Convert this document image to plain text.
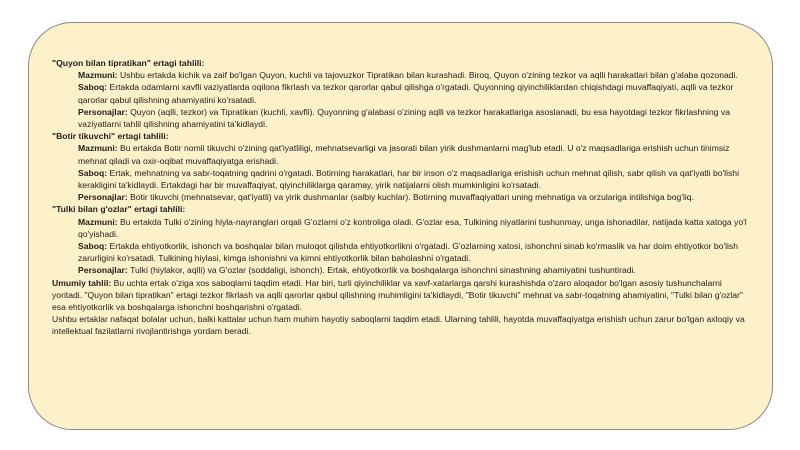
"Quyon bilan tipratikan" ertagi tahlili:

Mazmuni: Ushbu ertakda kichik va zaif bo'lgan Quyon, kuchli va tajovuzkor Tipratikan bilan kurashadi. Biroq, Quyon o'zining tezkor va aqlli harakatlari bilan g'alaba qozonadi.

Saboq: Ertakda odamlarni xavfli vaziyatlarda oqilona fikrlash va tezkor qarorlar qabul qilishga o'rgatadi. Quyonning qiyinchiliklardan chiqishdagi muvaffaqiyati, aqlli va tezkor qarorlar qabul qilishning ahamiyatini ko'rsatadi.

Personajlar: Quyon (aqlli, tezkor) va Tipratikan (kuchli, xavfli). Quyonning g'alabasi o'zining aqlli va tezkor harakatlariga asoslanadi, bu esa hayotdagi tezkor fikrlashning va vaziyatlarni tahlil qilishning ahamiyatini ta'kidlaydi.

"Botir tikuvchi" ertagi tahlili:

Mazmuni: Bu ertakda Botir nomli tikuvchi o'zining qat'iyatliligi, mehnatsevarligi va jasorati bilan yirik dushmanlarni mag'lub etadi. U o'z maqsadlariga erishish uchun tinimsiz mehnat qiladi va oxir-oqibat muvaffaqiyatga erishadi.

Saboq: Ertak, mehnatning va sabr-toqatning qadrini o'rgatadi. Botirning harakatlari, har bir inson o'z maqsadlariga erishish uchun mehnat qilish, sabr qilish va qat'iyatli bo'lishi kerakligini ta'kidlaydi. Ertakdagi har bir muvaffaqiyat, qiyinchiliklarga qaramay, yirik natijalarni olish mumkinligini ko'rsatadi.

Personajlar: Botir tikuvchi (mehnatsevar, qat'iyatli) va yirik dushmanlar (salbiy kuchlar). Botirning muvaffaqiyatlari uning mehnatiga va orzulariga intilishiga bog'liq.

"Tulki bilan g'ozlar" ertagi tahlili:

Mazmuni: Bu ertakda Tulki o'zining hiyla-nayranglari orqali G'ozlarni o'z kontroliga oladi. G'ozlar esa, Tulkining niyatlarini tushunmay, unga ishonadilar, natijada katta xatoga yo'l qo'yishadi.

Saboq: Ertakda ehtiyotkorlik, ishonch va boshqalar bilan muloqot qilishda ehtiyotkorlikni o'rgatadi. G'ozlarning xatosi, ishonchni sinab ko'rmaslik va har doim ehtiyotkor bo'lish zarurligini ko'rsatadi. Tulkining hiylasi, kimga ishonishni va kimni ehtiyotkorlik bilan baholashni o'rgatadi.

Personajlar: Tulki (hiylakor, aqlli) va G'ozlar (soddaligi, ishonch). Ertak, ehtiyotkorlik va boshqalarga ishonchni sinashning ahamiyatini tushuntiradi.

Umumiy tahlil: Bu uchta ertak o'ziga xos saboqlarni taqdim etadi. Har biri, turli qiyinchiliklar va xavf-xatarlarga qarshi kurashishda o'zaro aloqador bo'lgan asosiy tushunchalarni yoritadi. "Quyon bilan tipratikan" ertagi tezkor fikrlash va aqlli qarorlar qabul qilishning muhimligini ta'kidlaydi, "Botir tikuvchi" mehnat va sabr-toqatning ahamiyatini, "Tulki bilan g'ozlar" esa ehtiyotkorlik va boshqalarga ishonchni boshqarishni o'rgatadi.

Ushbu ertaklar nafaqat bolalar uchun, balki kattalar uchun ham muhim hayotiy saboqlarni taqdim etadi. Ularning tahlili, hayotda muvaffaqiyatga erishish uchun zarur bo'lgan axloqiy va intellektual fazilatlarni rivojlantirishga yordam beradi.
